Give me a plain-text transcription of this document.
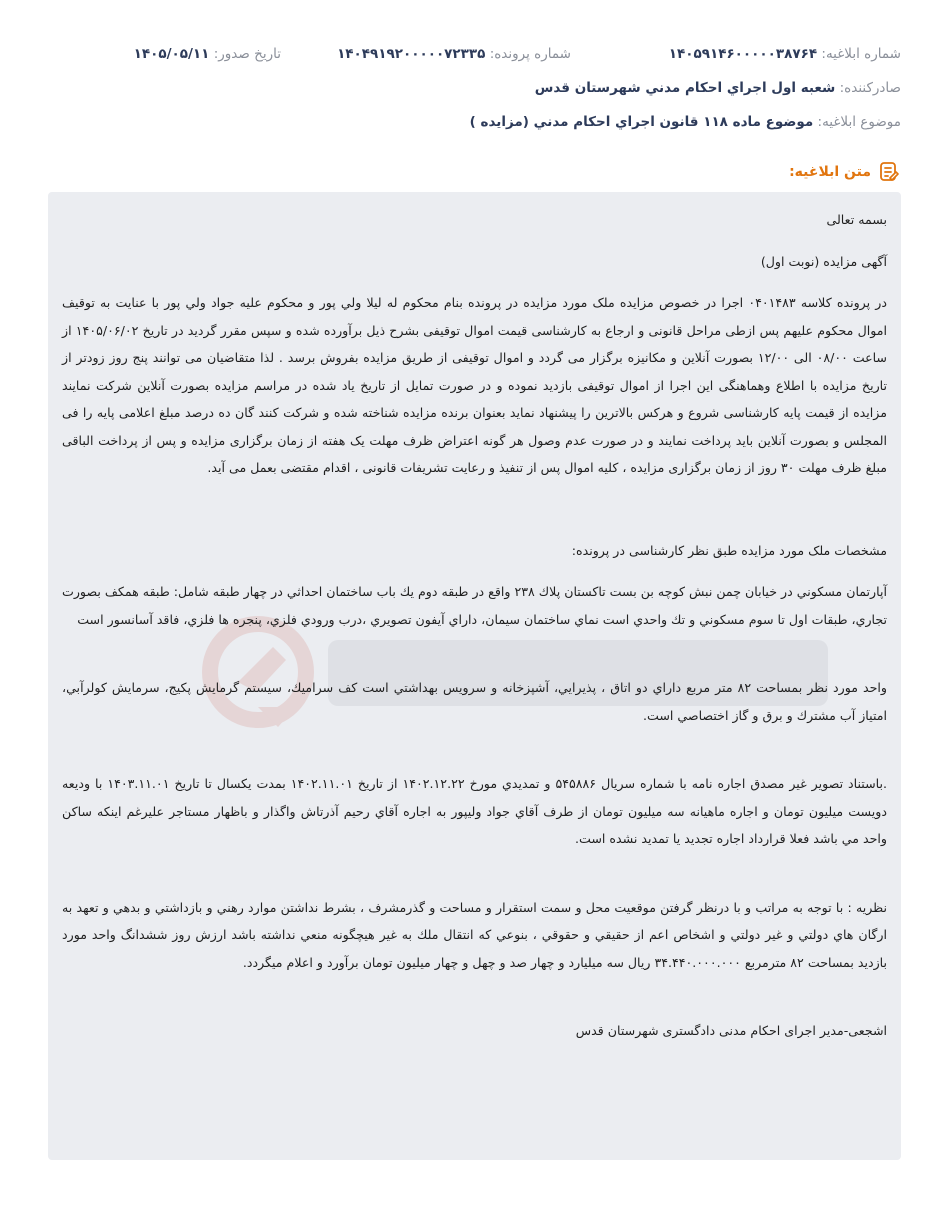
شماره ابلاغيه: ۱۴۰۵۹۱۴۶۰۰۰۰۰۳۸۷۶۴
شماره پرونده: ۱۴۰۴۹۱۹۲۰۰۰۰۰۷۲۳۳۵
تاریخ صدور: ۱۴۰۵/۰۵/۱۱
صادرکننده: شعبه اول اجراي احكام مدني شهرستان قدس
موضوع ابلاغيه: موضوع ماده ۱۱۸ قانون اجراي احكام مدني (مزايده )
متن ابلاغيه:

بسمه تعالی

آگهی مزایده (نوبت اول)

در پرونده کلاسه ۰۴۰۱۴۸۳ اجرا در خصوص مزایده ملک مورد مزایده در پرونده بنام محکوم له لیلا ولي پور و محکوم علیه جواد ولي پور با عنایت به توقیف اموال محکوم علیهم پس ازطی مراحل قانونی و ارجاع به کارشناسی قیمت اموال توقیفی بشرح ذیل برآورده شده و سپس مقرر گردید در تاریخ ۱۴۰۵/۰۶/۰۲ از ساعت ۰۸/۰۰ الی ۱۲/۰۰ بصورت آنلاین و مکانیزه برگزار می گردد و اموال توقیفی از طریق مزایده بفروش برسد . لذا متقاضیان می توانند پنج روز زودتر از تاریخ مزایده با اطلاع وهماهنگی این اجرا از اموال توقیفی بازدید نموده و در صورت تمایل از تاریخ یاد شده در مراسم مزایده بصورت آنلاین شرکت نمایند مزایده از قیمت پایه کارشناسی شروع و هرکس بالاترین را پیشنهاد نماید بعنوان برنده مزایده شناخته شده و شرکت کنند گان ده درصد مبلغ اعلامی پایه را فی المجلس و بصورت آنلاین باید پرداخت نمایند و در صورت عدم وصول هر گونه اعتراض ظرف مهلت یک هفته از زمان برگزاری مزایده و پس از پرداخت الباقی مبلغ ظرف مهلت ۳۰ روز از زمان برگزاری مزایده ، کلیه اموال پس از تنفیذ و رعایت تشریفات قانونی ، اقدام مقتضی بعمل می آید.

مشخصات ملک مورد مزایده طبق نظر کارشناسی در پرونده:

آپارتمان مسكوني در خيابان چمن نبش كوچه بن بست تاكستان پلاك ۲۳۸ واقع در طبقه دوم يك باب ساختمان احداثي در چهار طبقه شامل: طبقه همكف بصورت تجاري، طبقات اول تا سوم مسكوني و تك واحدي است نماي ساختمان سيمان، داراي آيفون تصويري ،درب ورودي فلزي، پنجره ها فلزي، فاقد آسانسور است

واحد مورد نظر بمساحت ۸۲ متر مربع داراي دو اتاق ، پذيرايي، آشپزخانه و سرويس بهداشتي است كف سراميك، سيستم گرمايش پكيج، سرمايش كولرآبي، امتياز آب مشترك و برق و گاز اختصاصي است.

.باستناد تصوير غير مصدق اجاره نامه با شماره سريال ۵۴۵۸۸۶ و تمديدي مورخ ۱۴۰۲.۱۲.۲۲ از تاريخ ۱۴۰۲.۱۱.۰۱ بمدت يكسال تا تاريخ ۱۴۰۳.۱۱.۰۱ با وديعه دويست ميليون تومان و اجاره ماهيانه سه ميليون تومان از طرف آقاي جواد وليپور به اجاره آقاي رحيم آذرتاش واگذار و باظهار مستاجر علیرغم اينكه ساكن واحد مي باشد فعلا قرارداد اجاره تجديد يا تمديد نشده است.

نظريه : با توجه به مراتب و با درنظر گرفتن موقعيت محل و سمت استقرار و مساحت و گذرمشرف ، بشرط نداشتن موارد رهني و بازداشتي و بدهي و تعهد به ارگان هاي دولتي و غير دولتي و اشخاص اعم از حقيقي و حقوقي ، بنوعي كه انتقال ملك به غير هيچگونه منعي نداشته باشد ارزش روز ششدانگ واحد مورد بازديد بمساحت ۸۲ مترمربع ۳۴.۴۴۰.۰۰۰.۰۰۰ ريال سه ميليارد و چهار صد و چهل و چهار ميليون تومان برآورد و اعلام ميگردد.

اشجعی-مدیر اجرای احکام مدنی دادگستری شهرستان قدس
